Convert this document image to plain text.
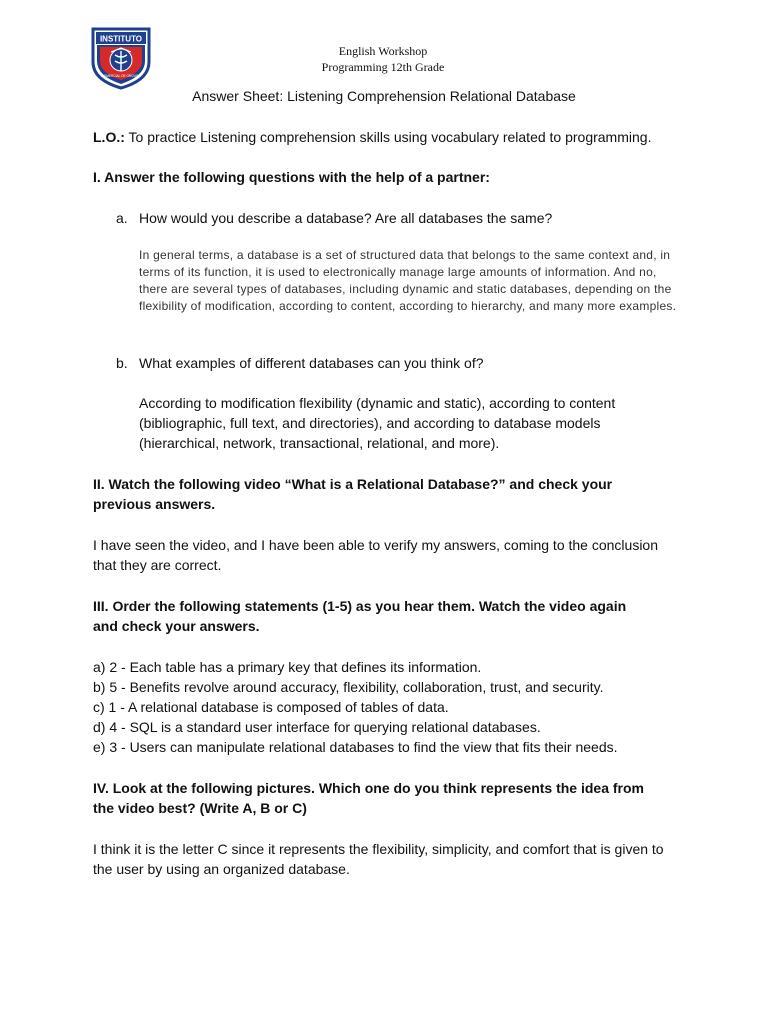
INSTITUTO
COMERCIAL DE ORIZABA
English Workshop
Programming 12th Grade
Answer Sheet: Listening Comprehension Relational Database
L.O.: To practice Listening comprehension skills using vocabulary related to programming.
I. Answer the following questions with the help of a partner:
a. How would you describe a database? Are all databases the same?
In general terms, a database is a set of structured data that belongs to the same context and, in terms of its function, it is used to electronically manage large amounts of information. And no, there are several types of databases, including dynamic and static databases, depending on the flexibility of modification, according to content, according to hierarchy, and many more examples.
b. What examples of different databases can you think of?
According to modification flexibility (dynamic and static), according to content (bibliographic, full text, and directories), and according to database models (hierarchical, network, transactional, relational, and more).
II. Watch the following video “What is a Relational Database?” and check your previous answers.
I have seen the video, and I have been able to verify my answers, coming to the conclusion that they are correct.
III. Order the following statements (1-5) as you hear them. Watch the video again and check your answers.
a) 2 - Each table has a primary key that defines its information.
b) 5 - Benefits revolve around accuracy, flexibility, collaboration, trust, and security.
c) 1 - A relational database is composed of tables of data.
d) 4 - SQL is a standard user interface for querying relational databases.
e) 3 - Users can manipulate relational databases to find the view that fits their needs.
IV. Look at the following pictures. Which one do you think represents the idea from the video best? (Write A, B or C)
I think it is the letter C since it represents the flexibility, simplicity, and comfort that is given to the user by using an organized database.
